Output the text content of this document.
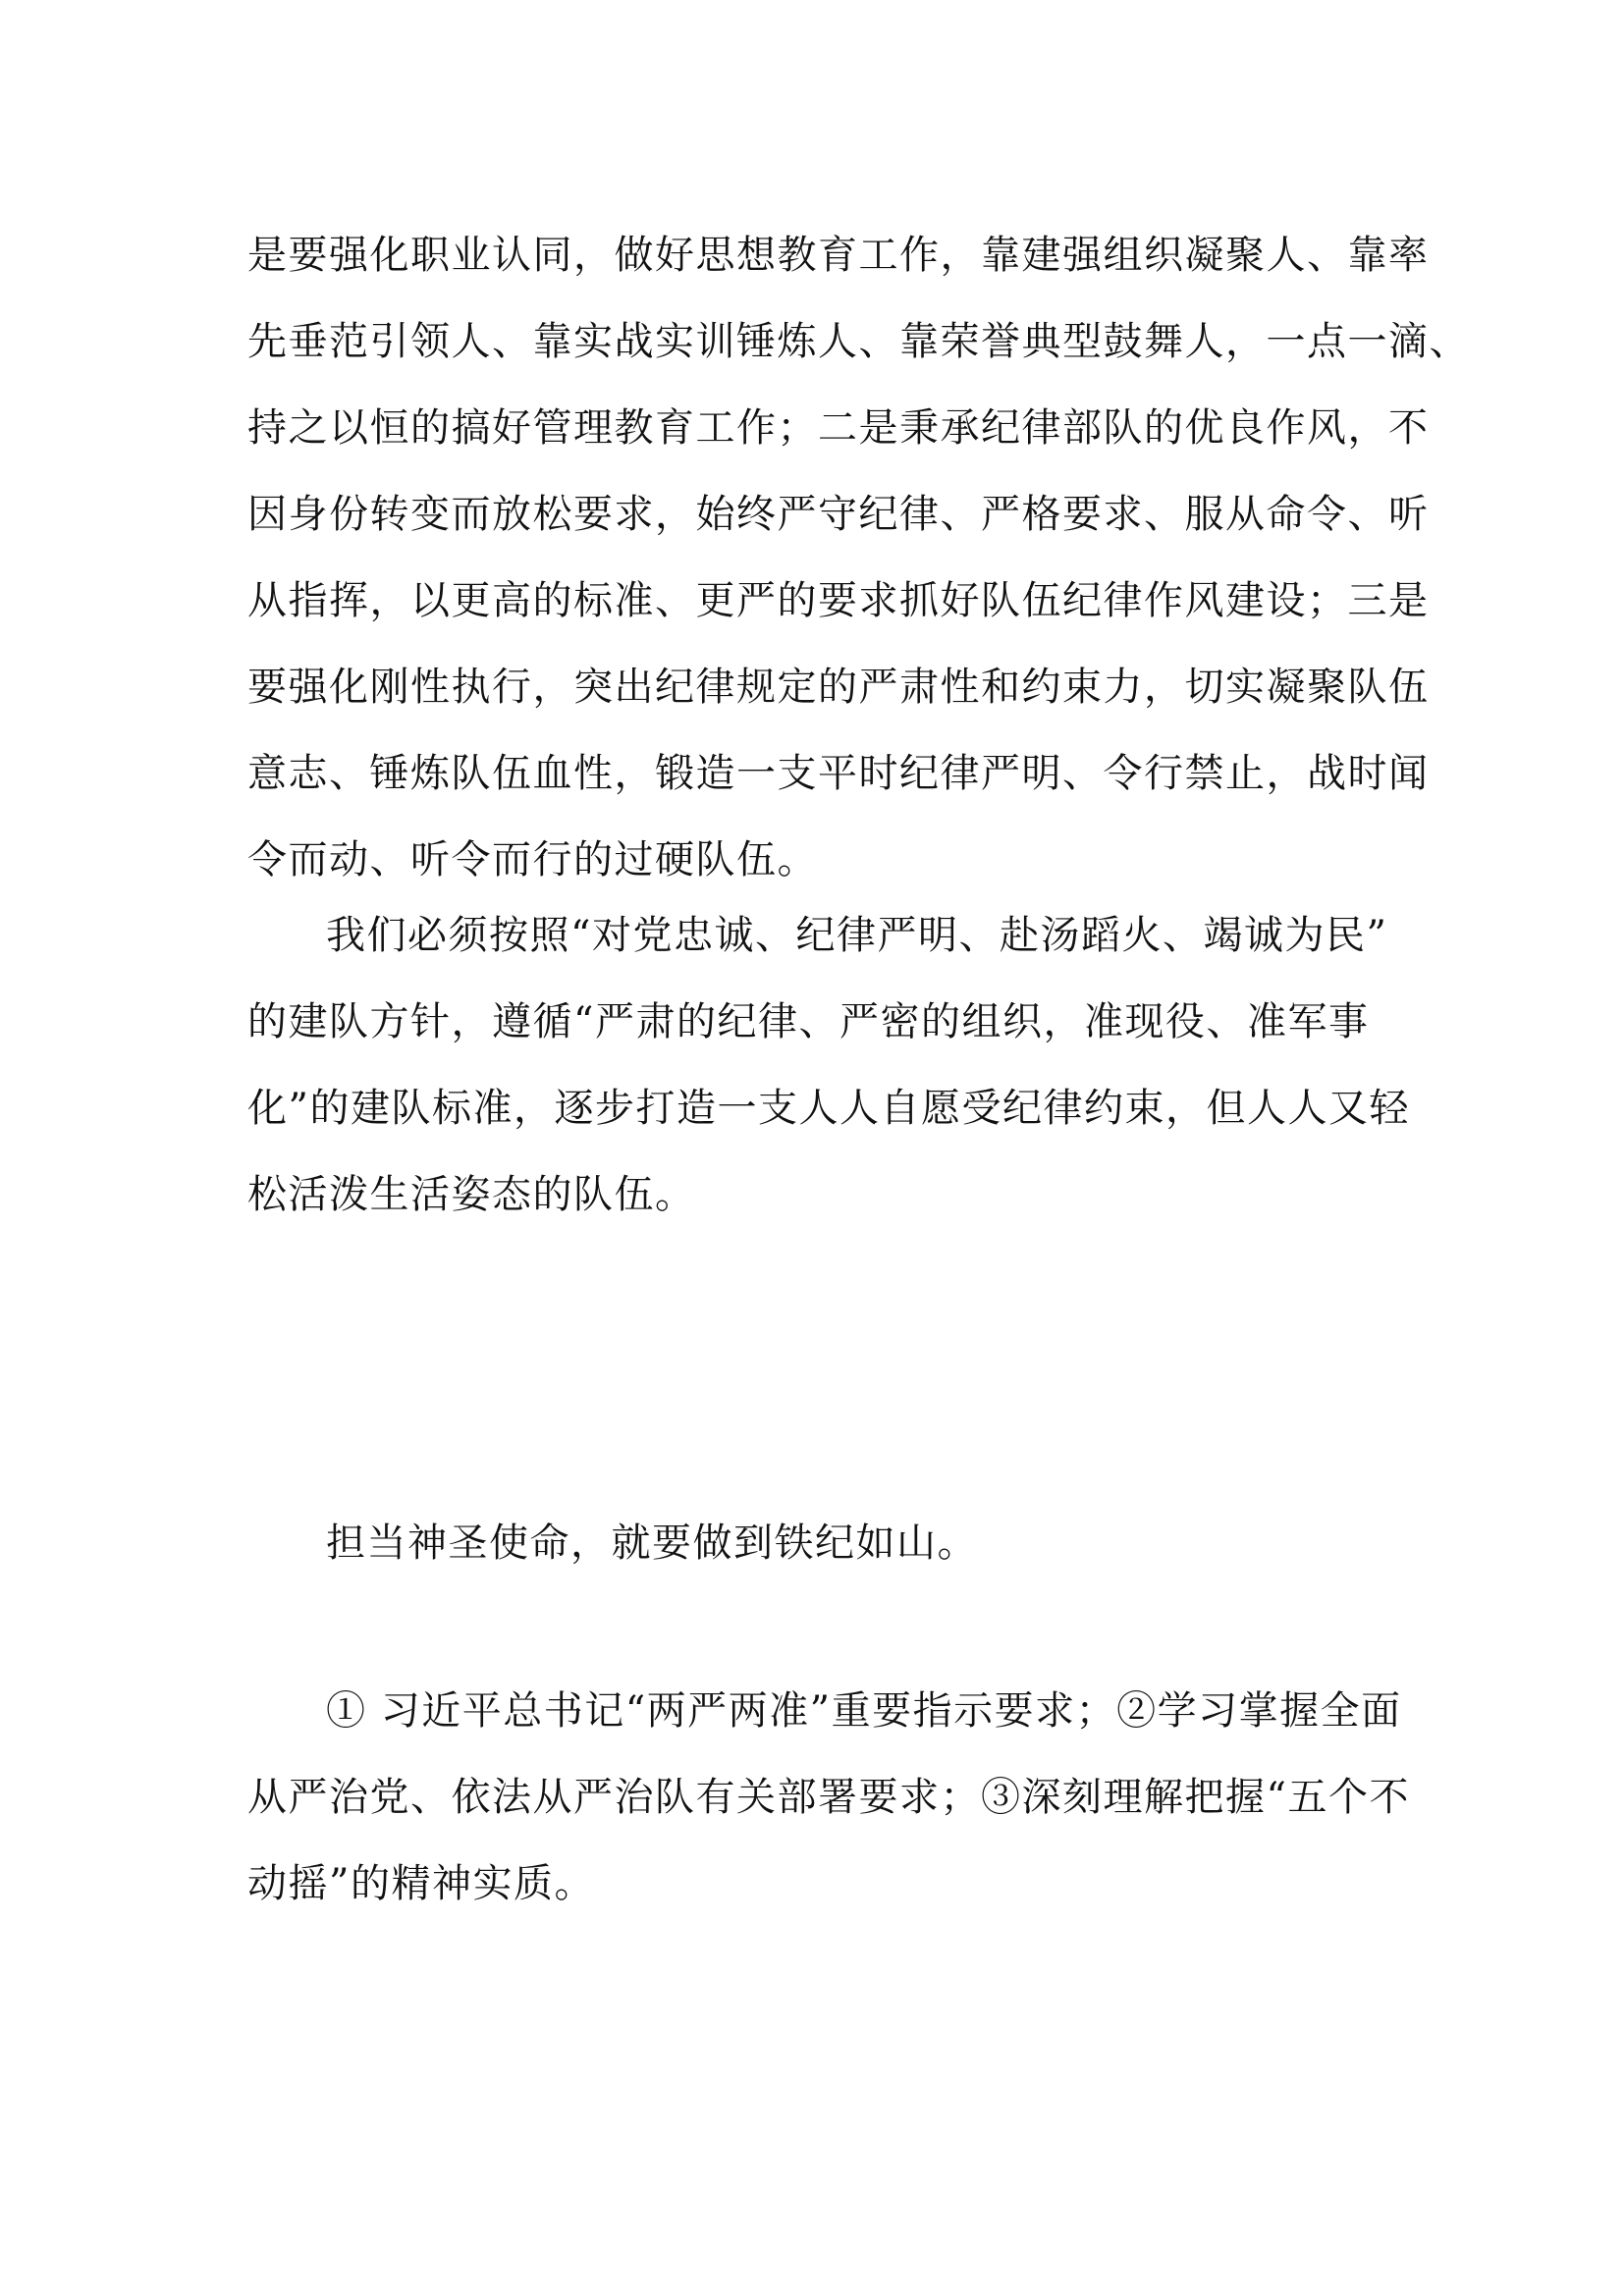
是要强化职业认同，做好思想教育工作，靠建强组织凝聚人、靠率
先垂范引领人、靠实战实训锤炼人、靠荣誉典型鼓舞人，一点一滴、
持之以恒的搞好管理教育工作；二是秉承纪律部队的优良作风，不
因身份转变而放松要求，始终严守纪律、严格要求、服从命令、听
从指挥，以更高的标准、更严的要求抓好队伍纪律作风建设；三是
要强化刚性执行，突出纪律规定的严肃性和约束力，切实凝聚队伍
意志、锤炼队伍血性，锻造一支平时纪律严明、令行禁止，战时闻
令而动、听令而行的过硬队伍。
我们必须按照“对党忠诚、纪律严明、赴汤蹈火、竭诚为民”
的建队方针，遵循“严肃的纪律、严密的组织，准现役、准军事
化”的建队标准，逐步打造一支人人自愿受纪律约束，但人人又轻
松活泼生活姿态的队伍。
担当神圣使命，就要做到铁纪如山。
① 习近平总书记“两严两准”重要指示要求；②学习掌握全面
从严治党、依法从严治队有关部署要求；③深刻理解把握“五个不
动摇”的精神实质。
